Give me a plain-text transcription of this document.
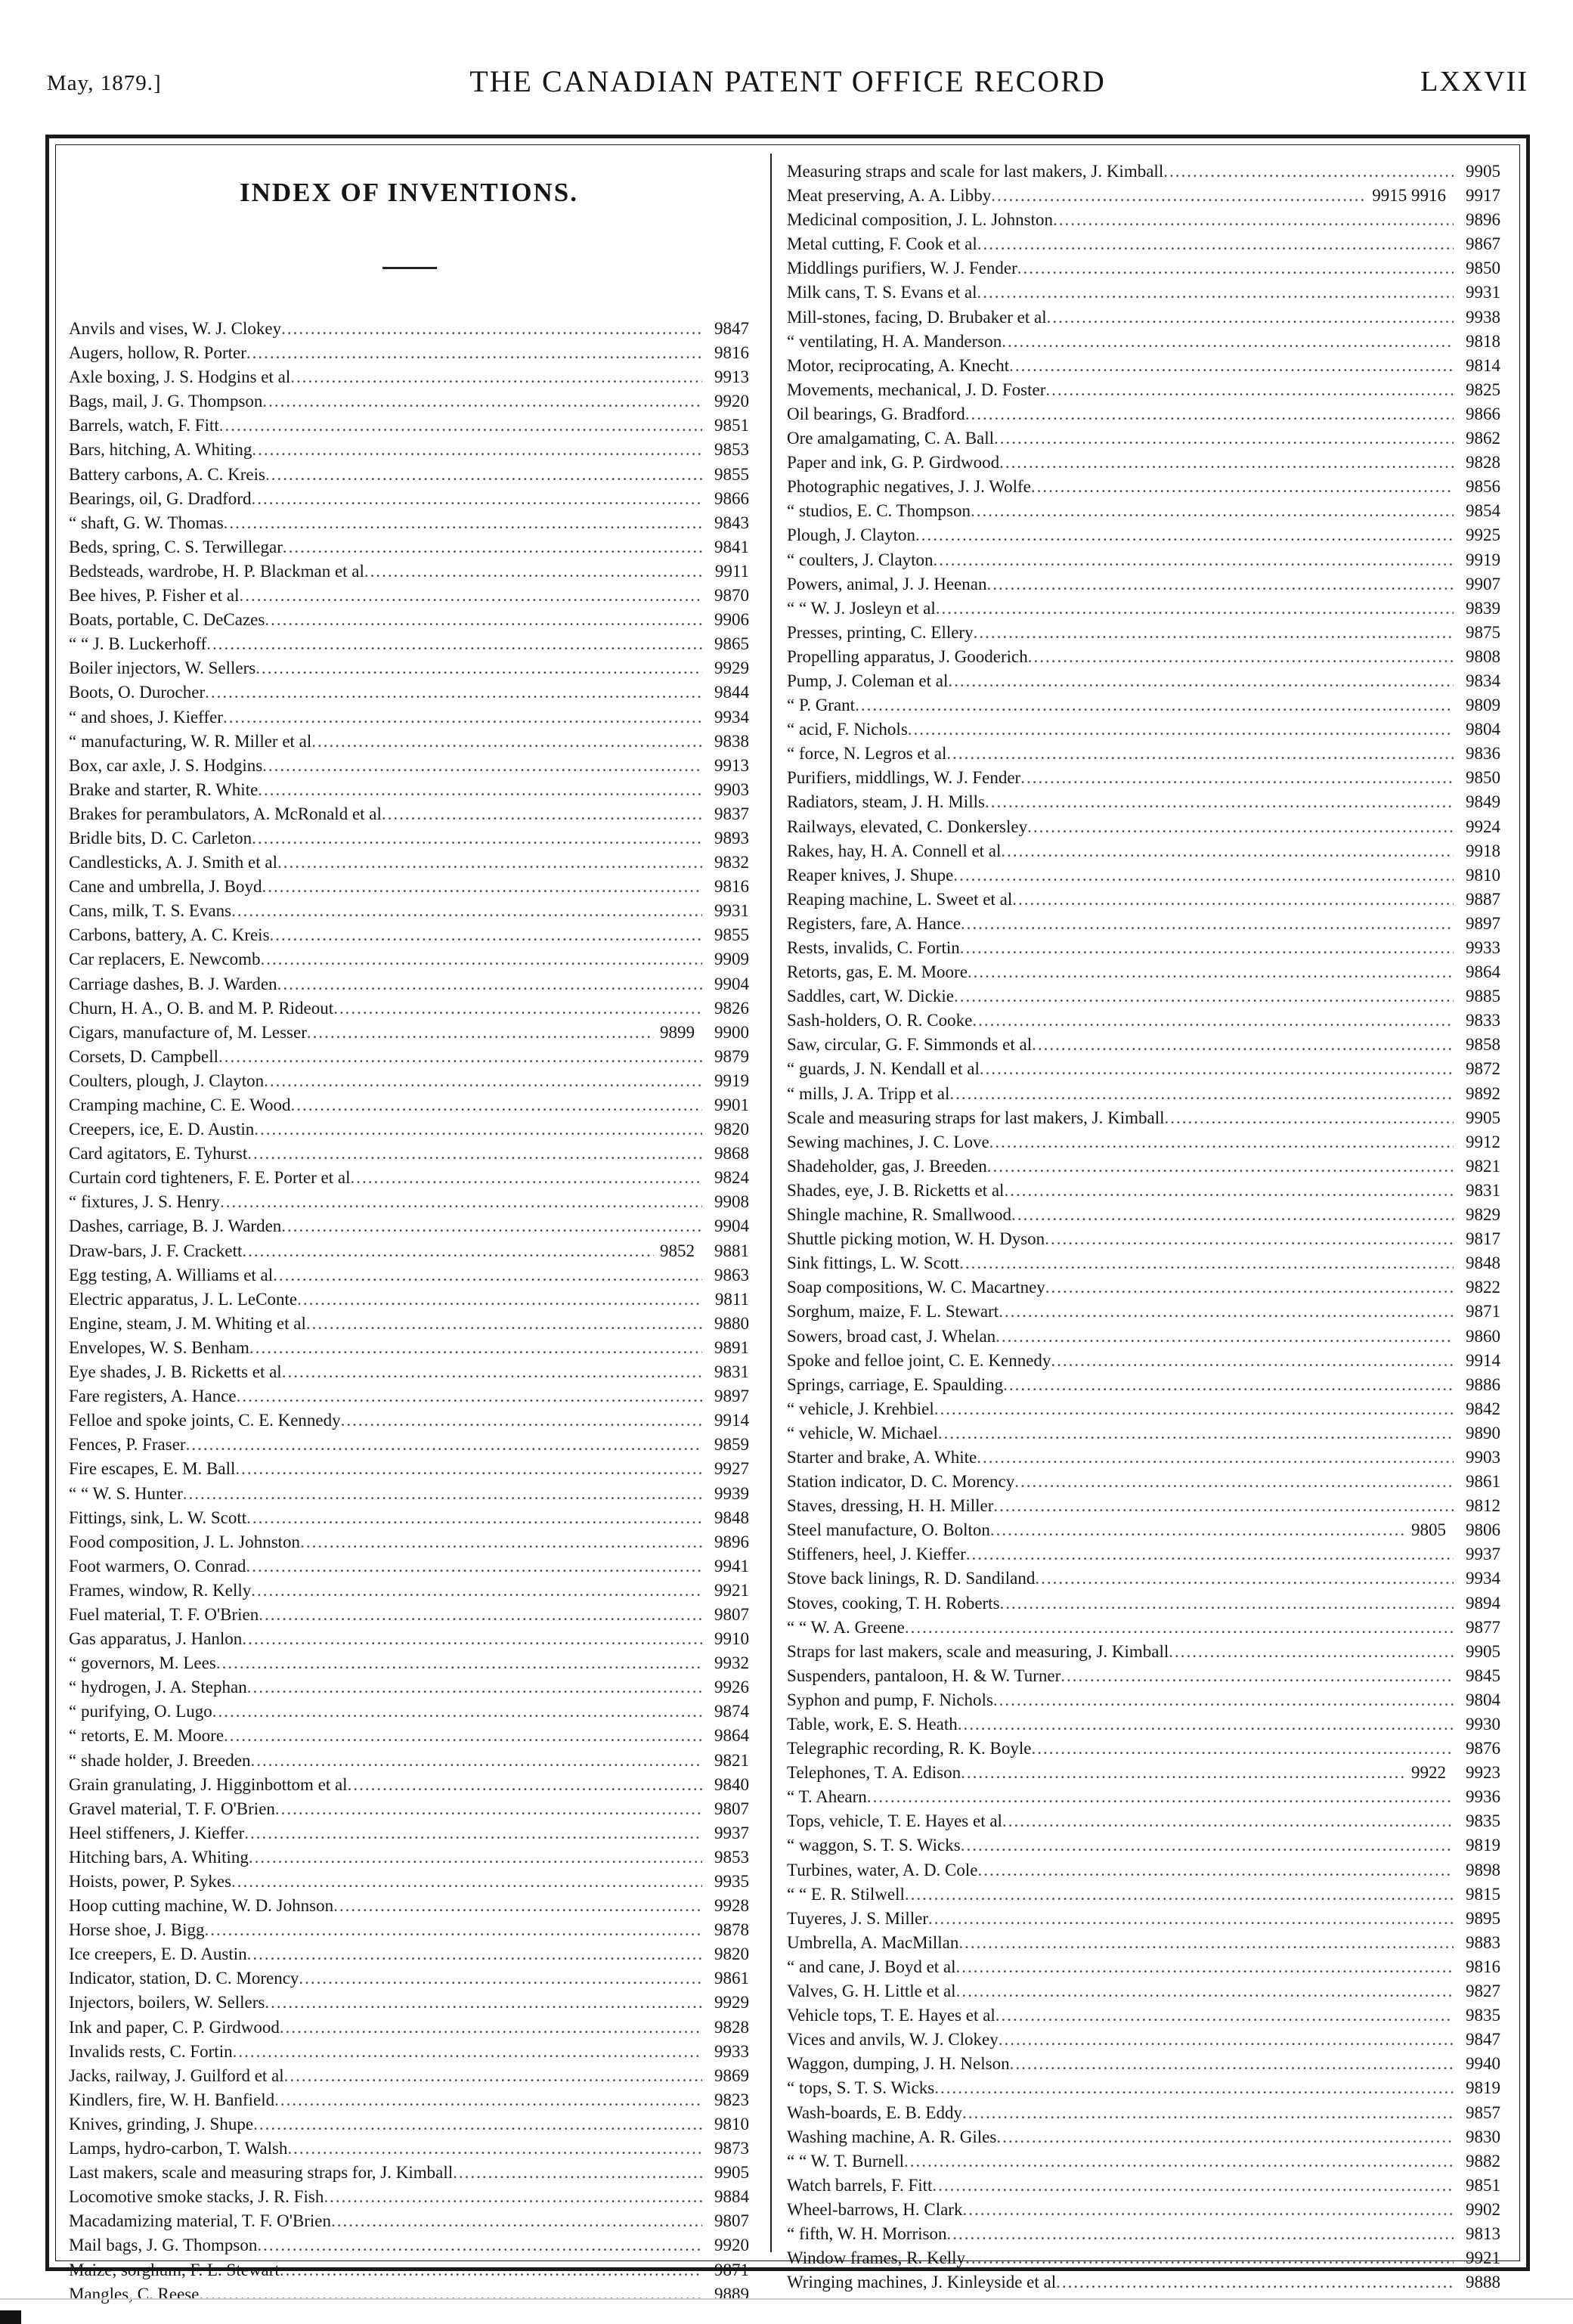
May, 1879.]	THE CANADIAN PATENT OFFICE RECORD	LXXVII
INDEX OF INVENTIONS.
Anvils and vises, W. J. Clokey .....	9847
Augers, hollow, R. Porter .....	9816
Axle boxing, J. S. Hodgins et al .....	9913
Bags, mail, J. G. Thompson .....	9920
Barrels, watch, F. Fitt .....	9851
Bars, hitching, A. Whiting .....	9853
Battery carbons, A. C. Kreis .....	9855
Bearings, oil, G. Dradford .....	9866
“ shaft, G. W. Thomas .....	9843
Beds, spring, C. S. Terwillegar .....	9841
Bedsteads, wardrobe, H. P. Blackman et al .....	9911
Bee hives, P. Fisher et al .....	9870
Boats, portable, C. DeCazes .....	9906
“ “ J. B. Luckerhoff .....	9865
Boiler injectors, W. Sellers .....	9929
Boots, O. Durocher .....	9844
“ and shoes, J. Kieffer .....	9934
“ manufacturing, W. R. Miller et al .....	9838
Box, car axle, J. S. Hodgins .....	9913
Brake and starter, R. White .....	9903
Brakes for perambulators, A. McRonald et al .....	9837
Bridle bits, D. C. Carleton .....	9893
Candlesticks, A. J. Smith et al .....	9832
Cane and umbrella, J. Boyd .....	9816
Cans, milk, T. S. Evans .....	9931
Carbons, battery, A. C. Kreis .....	9855
Car replacers, E. Newcomb .....	9909
Carriage dashes, B. J. Warden .....	9904
Churn, H. A., O. B. and M. P. Rideout .....	9826
Cigars, manufacture of, M. Lesser .....	9899	9900
Corsets, D. Campbell .....	9879
Coulters, plough, J. Clayton .....	9919
Cramping machine, C. E. Wood .....	9901
Creepers, ice, E. D. Austin .....	9820
Card agitators, E. Tyhurst .....	9868
Curtain cord tighteners, F. E. Porter et al .....	9824
“ fixtures, J. S. Henry .....	9908
Dashes, carriage, B. J. Warden .....	9904
Draw-bars, J. F. Crackett .....	9852	9881
Egg testing, A. Williams et al .....	9863
Electric apparatus, J. L. LeConte .....	9811
Engine, steam, J. M. Whiting et al .....	9880
Envelopes, W. S. Benham .....	9891
Eye shades, J. B. Ricketts et al .....	9831
Fare registers, A. Hance .....	9897
Felloe and spoke joints, C. E. Kennedy .....	9914
Fences, P. Fraser .....	9859
Fire escapes, E. M. Ball .....	9927
“ “ W. S. Hunter .....	9939
Fittings, sink, L. W. Scott .....	9848
Food composition, J. L. Johnston .....	9896
Foot warmers, O. Conrad .....	9941
Frames, window, R. Kelly .....	9921
Fuel material, T. F. O'Brien .....	9807
Gas apparatus, J. Hanlon .....	9910
“ governors, M. Lees .....	9932
“ hydrogen, J. A. Stephan .....	9926
“ purifying, O. Lugo .....	9874
“ retorts, E. M. Moore .....	9864
“ shade holder, J. Breeden .....	9821
Grain granulating, J. Higginbottom et al .....	9840
Gravel material, T. F. O'Brien .....	9807
Heel stiffeners, J. Kieffer .....	9937
Hitching bars, A. Whiting .....	9853
Hoists, power, P. Sykes .....	9935
Hoop cutting machine, W. D. Johnson .....	9928
Horse shoe, J. Bigg .....	9878
Ice creepers, E. D. Austin .....	9820
Indicator, station, D. C. Morency .....	9861
Injectors, boilers, W. Sellers .....	9929
Ink and paper, C. P. Girdwood .....	9828
Invalids rests, C. Fortin .....	9933
Jacks, railway, J. Guilford et al .....	9869
Kindlers, fire, W. H. Banfield .....	9823
Knives, grinding, J. Shupe .....	9810
Lamps, hydro-carbon, T. Walsh .....	9873
Last makers, scale and measuring straps for, J. Kimball .....	9905
Locomotive smoke stacks, J. R. Fish .....	9884
Macadamizing material, T. F. O'Brien .....	9807
Mail bags, J. G. Thompson .....	9920
Maize, sorghum, F. L. Stewart .....	9871
Mangles, C. Reese .....	9889
Measuring straps and scale for last makers, J. Kimball .....	9905
Meat preserving, A. A. Libby .....	9915 9916	9917
Medicinal composition, J. L. Johnston .....	9896
Metal cutting, F. Cook et al .....	9867
Middlings purifiers, W. J. Fender .....	9850
Milk cans, T. S. Evans et al .....	9931
Mill-stones, facing, D. Brubaker et al .....	9938
“ ventilating, H. A. Manderson .....	9818
Motor, reciprocating, A. Knecht .....	9814
Movements, mechanical, J. D. Foster .....	9825
Oil bearings, G. Bradford .....	9866
Ore amalgamating, C. A. Ball .....	9862
Paper and ink, G. P. Girdwood .....	9828
Photographic negatives, J. J. Wolfe .....	9856
“ studios, E. C. Thompson .....	9854
Plough, J. Clayton .....	9925
“ coulters, J. Clayton .....	9919
Powers, animal, J. J. Heenan .....	9907
“ “ W. J. Josleyn et al .....	9839
Presses, printing, C. Ellery .....	9875
Propelling apparatus, J. Gooderich .....	9808
Pump, J. Coleman et al .....	9834
“ P. Grant .....	9809
“ acid, F. Nichols .....	9804
“ force, N. Legros et al .....	9836
Purifiers, middlings, W. J. Fender .....	9850
Radiators, steam, J. H. Mills .....	9849
Railways, elevated, C. Donkersley .....	9924
Rakes, hay, H. A. Connell et al .....	9918
Reaper knives, J. Shupe .....	9810
Reaping machine, L. Sweet et al .....	9887
Registers, fare, A. Hance .....	9897
Rests, invalids, C. Fortin .....	9933
Retorts, gas, E. M. Moore .....	9864
Saddles, cart, W. Dickie .....	9885
Sash-holders, O. R. Cooke .....	9833
Saw, circular, G. F. Simmonds et al .....	9858
“ guards, J. N. Kendall et al .....	9872
“ mills, J. A. Tripp et al .....	9892
Scale and measuring straps for last makers, J. Kimball .....	9905
Sewing machines, J. C. Love .....	9912
Shadeholder, gas, J. Breeden .....	9821
Shades, eye, J. B. Ricketts et al .....	9831
Shingle machine, R. Smallwood .....	9829
Shuttle picking motion, W. H. Dyson .....	9817
Sink fittings, L. W. Scott .....	9848
Soap compositions, W. C. Macartney .....	9822
Sorghum, maize, F. L. Stewart .....	9871
Sowers, broad cast, J. Whelan .....	9860
Spoke and felloe joint, C. E. Kennedy .....	9914
Springs, carriage, E. Spaulding .....	9886
“ vehicle, J. Krehbiel .....	9842
“ vehicle, W. Michael .....	9890
Starter and brake, A. White .....	9903
Station indicator, D. C. Morency .....	9861
Staves, dressing, H. H. Miller .....	9812
Steel manufacture, O. Bolton .....	9805	9806
Stiffeners, heel, J. Kieffer .....	9937
Stove back linings, R. D. Sandiland .....	9934
Stoves, cooking, T. H. Roberts .....	9894
“ “ W. A. Greene .....	9877
Straps for last makers, scale and measuring, J. Kimball .....	9905
Suspenders, pantaloon, H. & W. Turner .....	9845
Syphon and pump, F. Nichols .....	9804
Table, work, E. S. Heath .....	9930
Telegraphic recording, R. K. Boyle .....	9876
Telephones, T. A. Edison .....	9922	9923
“ T. Ahearn .....	9936
Tops, vehicle, T. E. Hayes et al .....	9835
“ waggon, S. T. S. Wicks .....	9819
Turbines, water, A. D. Cole .....	9898
“ “ E. R. Stilwell .....	9815
Tuyeres, J. S. Miller .....	9895
Umbrella, A. MacMillan .....	9883
“ and cane, J. Boyd et al .....	9816
Valves, G. H. Little et al .....	9827
Vehicle tops, T. E. Hayes et al .....	9835
Vices and anvils, W. J. Clokey .....	9847
Waggon, dumping, J. H. Nelson .....	9940
“ tops, S. T. S. Wicks .....	9819
Wash-boards, E. B. Eddy .....	9857
Washing machine, A. R. Giles .....	9830
“ “ W. T. Burnell .....	9882
Watch barrels, F. Fitt .....	9851
Wheel-barrows, H. Clark .....	9902
“ fifth, W. H. Morrison .....	9813
Window frames, R. Kelly .....	9921
Wringing machines, J. Kinleyside et al .....	9888
